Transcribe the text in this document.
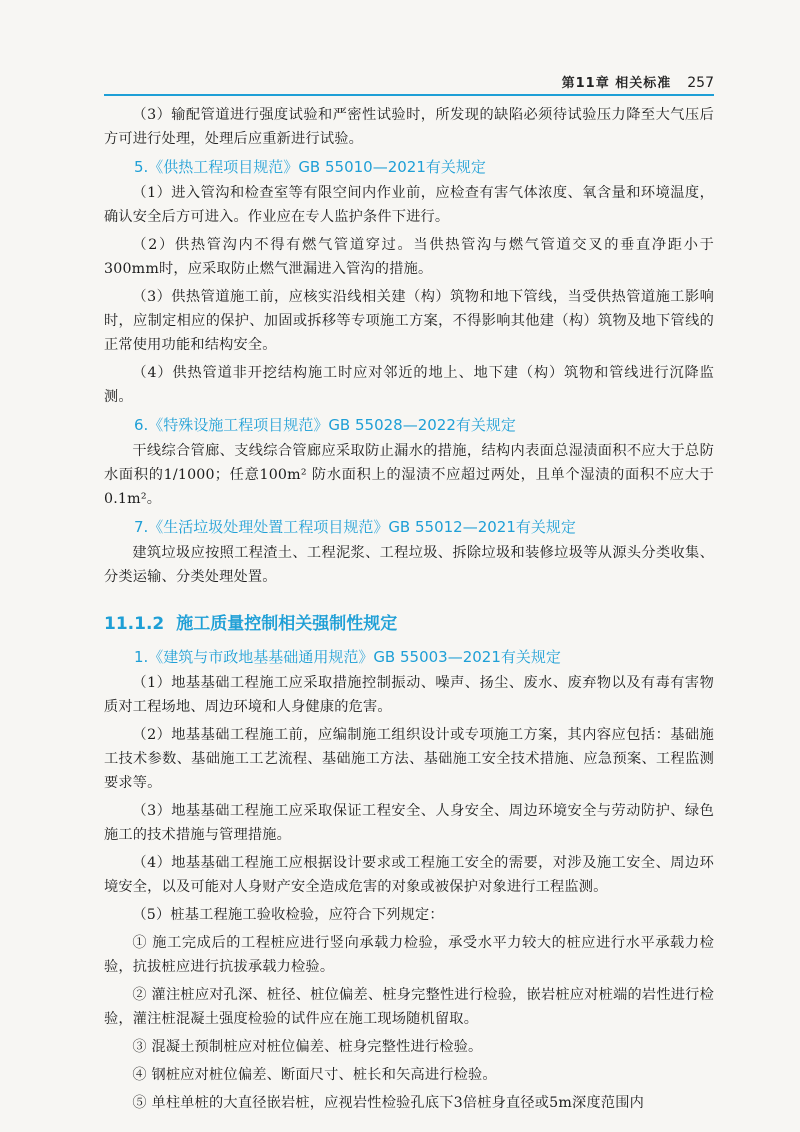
第11章 相关标准 257

（3）输配管道进行强度试验和严密性试验时，所发现的缺陷必须待试验压力降至大气压后方可进行处理，处理后应重新进行试验。

5.《供热工程项目规范》GB 55010—2021有关规定

（1）进入管沟和检查室等有限空间内作业前，应检查有害气体浓度、氧含量和环境温度，确认安全后方可进入。作业应在专人监护条件下进行。

（2）供热管沟内不得有燃气管道穿过。当供热管沟与燃气管道交叉的垂直净距小于300mm时，应采取防止燃气泄漏进入管沟的措施。

（3）供热管道施工前，应核实沿线相关建（构）筑物和地下管线，当受供热管道施工影响时，应制定相应的保护、加固或拆移等专项施工方案，不得影响其他建（构）筑物及地下管线的正常使用功能和结构安全。

（4）供热管道非开挖结构施工时应对邻近的地上、地下建（构）筑物和管线进行沉降监测。

6.《特殊设施工程项目规范》GB 55028—2022有关规定

干线综合管廊、支线综合管廊应采取防止漏水的措施，结构内表面总湿渍面积不应大于总防水面积的1/1000；任意100m² 防水面积上的湿渍不应超过两处，且单个湿渍的面积不应大于0.1m²。

7.《生活垃圾处理处置工程项目规范》GB 55012—2021有关规定

建筑垃圾应按照工程渣土、工程泥浆、工程垃圾、拆除垃圾和装修垃圾等从源头分类收集、分类运输、分类处理处置。

11.1.2 施工质量控制相关强制性规定
1.《建筑与市政地基基础通用规范》GB 55003—2021有关规定

（1）地基基础工程施工应采取措施控制振动、噪声、扬尘、废水、废弃物以及有毒有害物质对工程场地、周边环境和人身健康的危害。

（2）地基基础工程施工前，应编制施工组织设计或专项施工方案，其内容应包括：基础施工技术参数、基础施工工艺流程、基础施工方法、基础施工安全技术措施、应急预案、工程监测要求等。

（3）地基基础工程施工应采取保证工程安全、人身安全、周边环境安全与劳动防护、绿色施工的技术措施与管理措施。

（4）地基基础工程施工应根据设计要求或工程施工安全的需要，对涉及施工安全、周边环境安全，以及可能对人身财产安全造成危害的对象或被保护对象进行工程监测。

（5）桩基工程施工验收检验，应符合下列规定：

① 施工完成后的工程桩应进行竖向承载力检验，承受水平力较大的桩应进行水平承载力检验，抗拔桩应进行抗拔承载力检验。

② 灌注桩应对孔深、桩径、桩位偏差、桩身完整性进行检验，嵌岩桩应对桩端的岩性进行检验，灌注桩混凝土强度检验的试件应在施工现场随机留取。

③ 混凝土预制桩应对桩位偏差、桩身完整性进行检验。

④ 钢桩应对桩位偏差、断面尺寸、桩长和矢高进行检验。

⑤ 单柱单桩的大直径嵌岩桩，应视岩性检验孔底下3倍桩身直径或5m深度范围内
